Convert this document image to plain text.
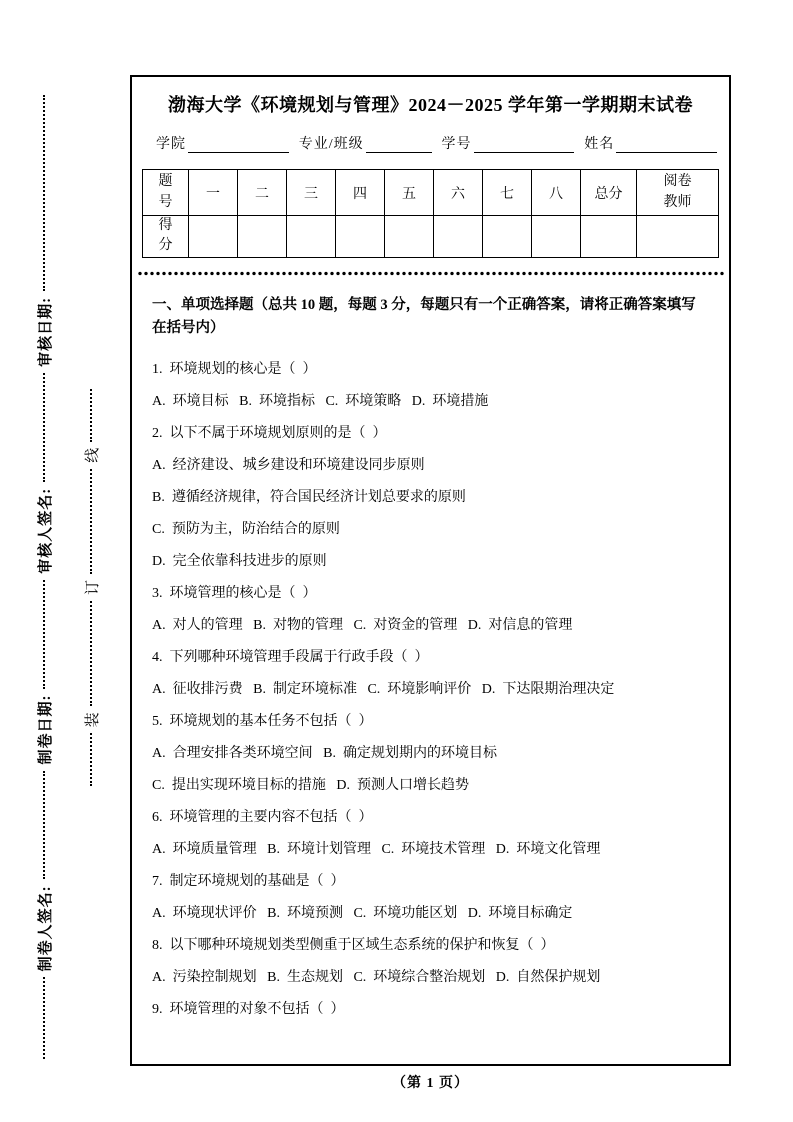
制卷人签名:
制卷日期:
审核人签名:
审核日期:
装
订
线
渤海大学《环境规划与管理》2024－2025 学年第一学期期末试卷
学院	专业/班级	学号	姓名
题号	一	二	三	四	五	六	七	八	总分	阅卷教师
得分										
一、单项选择题（总共 10 题，每题 3 分，每题只有一个正确答案，请将正确答案填写在括号内）

1.  环境规划的核心是（  ）

A.  环境目标   B.  环境指标   C.  环境策略   D.  环境措施

2.  以下不属于环境规划原则的是（  ）

A.  经济建设、城乡建设和环境建设同步原则

B.  遵循经济规律，符合国民经济计划总要求的原则

C.  预防为主，防治结合的原则

D.  完全依靠科技进步的原则

3.  环境管理的核心是（  ）

A.  对人的管理   B.  对物的管理   C.  对资金的管理   D.  对信息的管理

4.  下列哪种环境管理手段属于行政手段（  ）

A.  征收排污费   B.  制定环境标准   C.  环境影响评价   D.  下达限期治理决定

5.  环境规划的基本任务不包括（  ）

A.  合理安排各类环境空间   B.  确定规划期内的环境目标

C.  提出实现环境目标的措施   D.  预测人口增长趋势

6.  环境管理的主要内容不包括（  ）

A.  环境质量管理   B.  环境计划管理   C.  环境技术管理   D.  环境文化管理

7.  制定环境规划的基础是（  ）

A.  环境现状评价   B.  环境预测   C.  环境功能区划   D.  环境目标确定

8.  以下哪种环境规划类型侧重于区域生态系统的保护和恢复（  ）

A.  污染控制规划   B.  生态规划   C.  环境综合整治规划   D.  自然保护规划

9.  环境管理的对象不包括（  ）

（第 1 页）
